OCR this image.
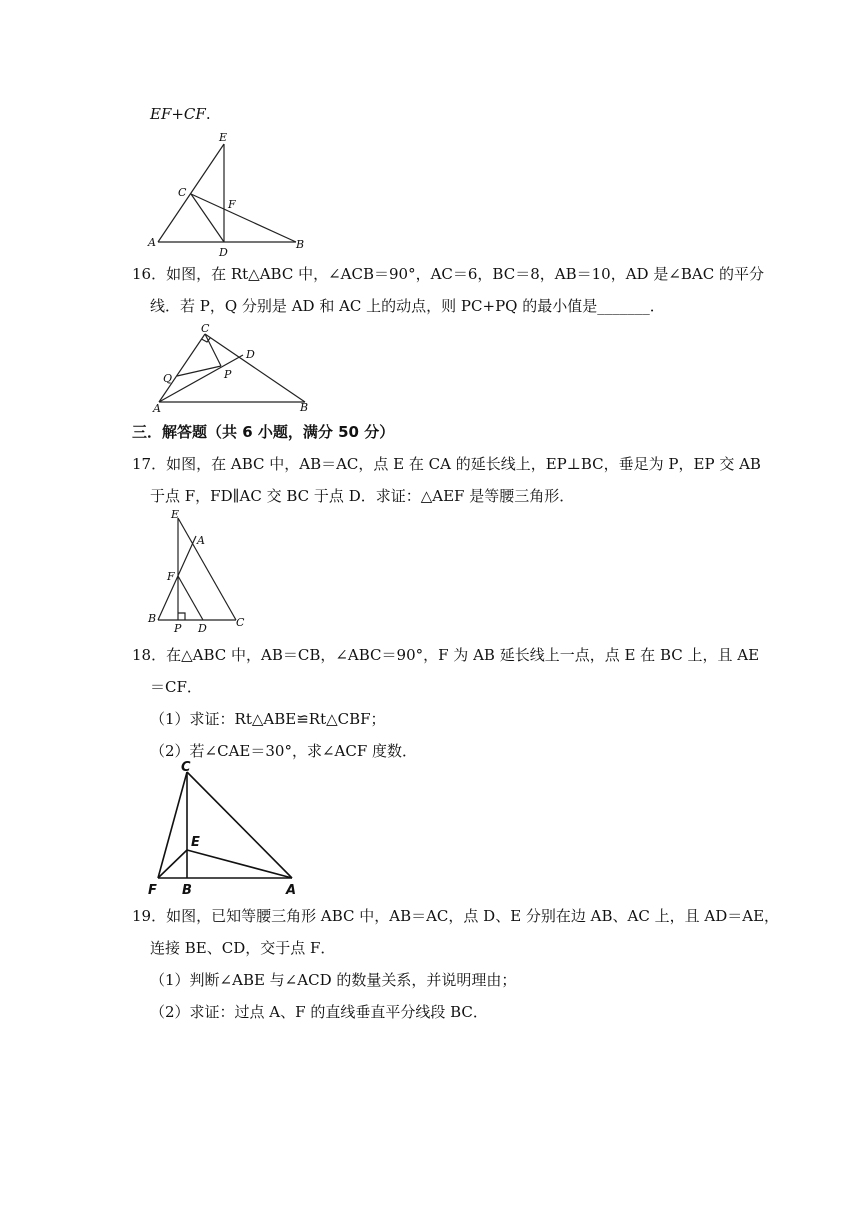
EF+CF.
E
C
F
A
D
B
16．如图，在 Rt△ABC 中，∠ACB＝90°，AC＝6，BC＝8，AB＝10，AD 是∠BAC 的平分
线．若 P，Q 分别是 AD 和 AC 上的动点，则 PC+PQ 的最小值是_______．
C
D
Q	P
A	B
三．解答题（共 6 小题，满分 50 分）
17．如图，在 ABC 中，AB＝AC，点 E 在 CA 的延长线上，EP⊥BC，垂足为 P，EP 交 AB
于点 F，FD∥AC 交 BC 于点 D．求证：△AEF 是等腰三角形．
E
A
F
B
P D	C
18．在△ABC 中，AB＝CB，∠ABC＝90°，F 为 AB 延长线上一点，点 E 在 BC 上，且 AE
＝CF．
（1）求证：Rt△ABE≌Rt△CBF；
（2）若∠CAE＝30°，求∠ACF 度数．
C
E
F B	A
19．如图，已知等腰三角形 ABC 中，AB＝AC，点 D、E 分别在边 AB、AC 上，且 AD＝AE，
连接 BE、CD，交于点 F．
（1）判断∠ABE 与∠ACD 的数量关系，并说明理由；
（2）求证：过点 A、F 的直线垂直平分线段 BC．
